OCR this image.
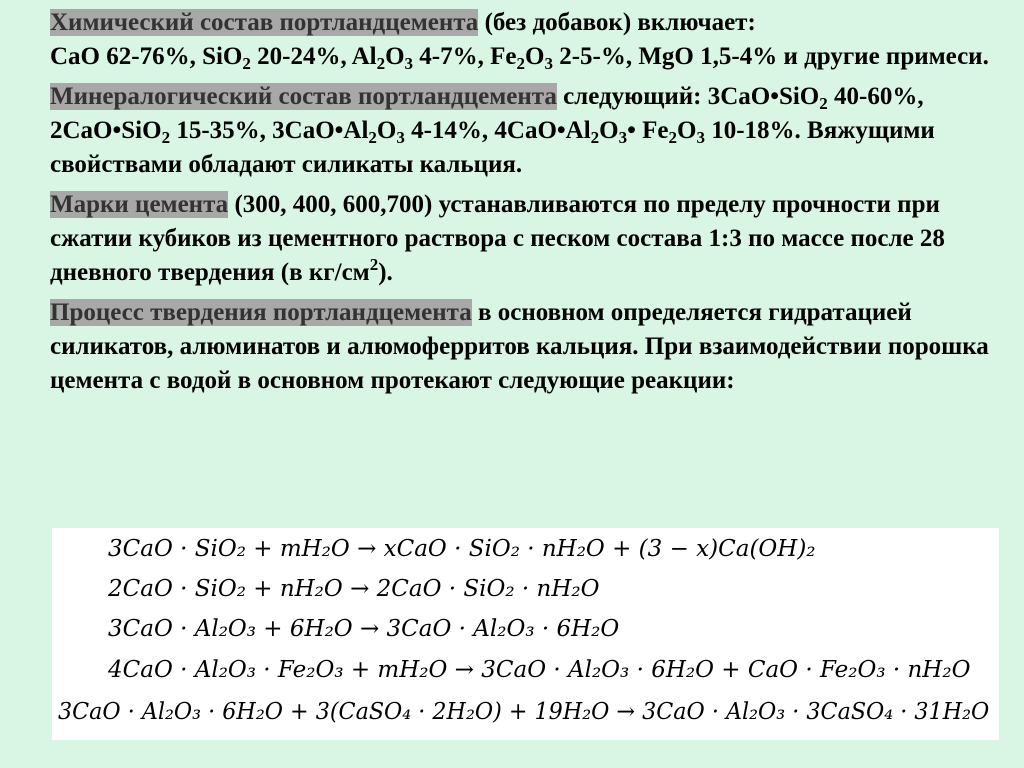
Химический состав портландцемента (без добавок) включает:
CaO 62-76%, SiO$_2$ 20-24%, $Al_2O_3$ 4-7%, $Fe_2O_3$ 2-5-%, MgO 1,5-4% и другие примеси.

Минералогический состав портландцемента следующий: 3CaO•SiO$_2$ 40-60%, 2CaO•SiO$_2$ 15-35%, $3CaO•Al_2O_3$ 4-14%, $4CaO•Al_2O_3•$ $Fe_2O_3$ 10-18%. Вяжущими свойствами обладают силикаты кальция.

Марки цемента (300, 400, 600,700) устанавливаются по пределу прочности при сжатии кубиков из цементного раствора с песком состава 1:3 по массе после 28 дневного твердения (в $кг/см^2$).

Процесс твердения портландцемента в основном определяется гидратацией силикатов, алюминатов и алюмоферритов кальция. При взаимодействии порошка цемента с водой в основном протекают следующие реакции:

3CaO · SiO₂ + mH₂O → xCaO · SiO₂ · nH₂O + (3 − x)Ca(OH)₂
2CaO · SiO₂ + nH₂O → 2CaO · SiO₂ · nH₂O
3CaO · Al₂O₃ + 6H₂O → 3CaO · Al₂O₃ · 6H₂O
4CaO · Al₂O₃ · Fe₂O₃ + mH₂O → 3CaO · Al₂O₃ · 6H₂O + CaO · Fe₂O₃ · nH₂O
3CaO · Al₂O₃ · 6H₂O + 3(CaSO₄ · 2H₂O) + 19H₂O → 3CaO · Al₂O₃ · 3CaSO₄ · 31H₂O
